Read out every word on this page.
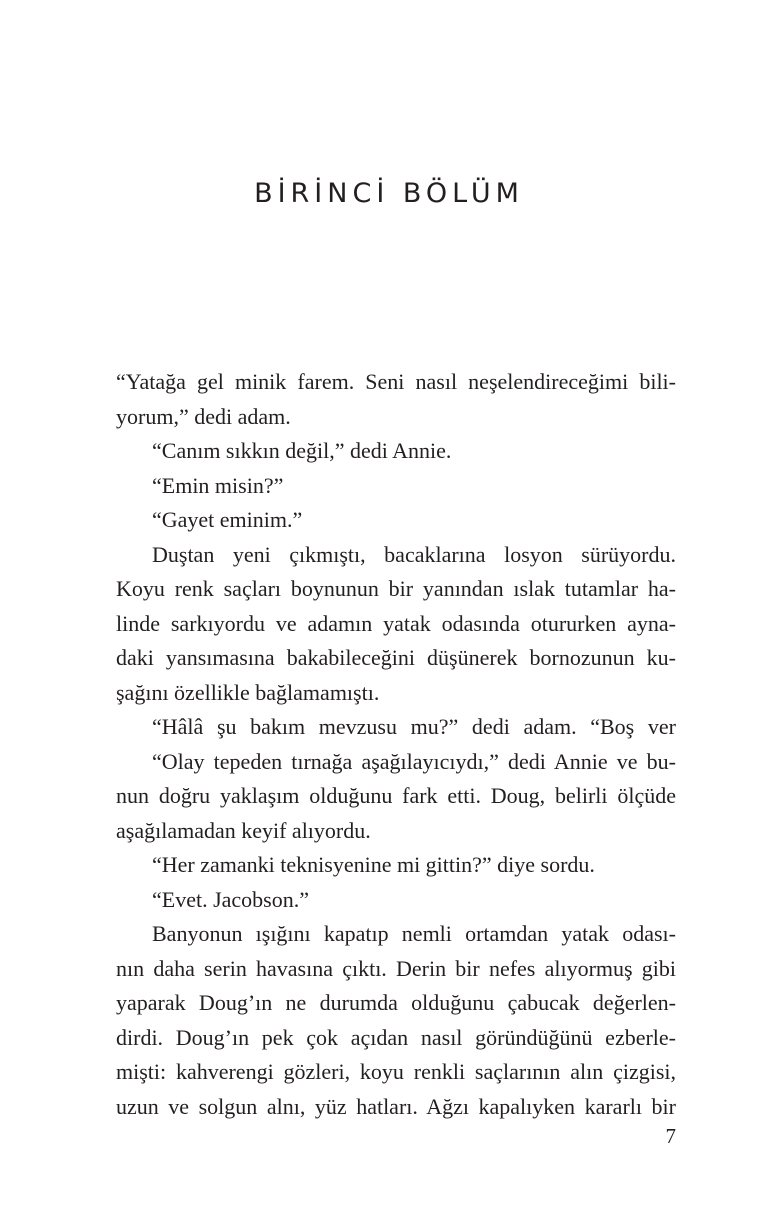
BİRİNCİ BÖLÜM
“Yatağa gel minik farem. Seni nasıl neşelendireceğimi bili-
yorum,” dedi adam.
“Canım sıkkın değil,” dedi Annie.
“Emin misin?”
“Gayet eminim.”
Duştan yeni çıkmıştı, bacaklarına losyon sürüyordu.
Koyu renk saçları boynunun bir yanından ıslak tutamlar ha-
linde sarkıyordu ve adamın yatak odasında otururken ayna-
daki yansımasına bakabileceğini düşünerek bornozunun ku-
şağını özellikle bağlamamıştı.
“Hâlâ şu bakım mevzusu mu?” dedi adam. “Boş ver
“Olay tepeden tırnağa aşağılayıcıydı,” dedi Annie ve bu-
nun doğru yaklaşım olduğunu fark etti. Doug, belirli ölçüde
aşağılamadan keyif alıyordu.
“Her zamanki teknisyenine mi gittin?” diye sordu.
“Evet. Jacobson.”
Banyonun ışığını kapatıp nemli ortamdan yatak odası-
nın daha serin havasına çıktı. Derin bir nefes alıyormuş gibi
yaparak Doug’ın ne durumda olduğunu çabucak değerlen-
dirdi. Doug’ın pek çok açıdan nasıl göründüğünü ezberle-
mişti: kahverengi gözleri, koyu renkli saçlarının alın çizgisi,
uzun ve solgun alnı, yüz hatları. Ağzı kapalıyken kararlı bir
7
